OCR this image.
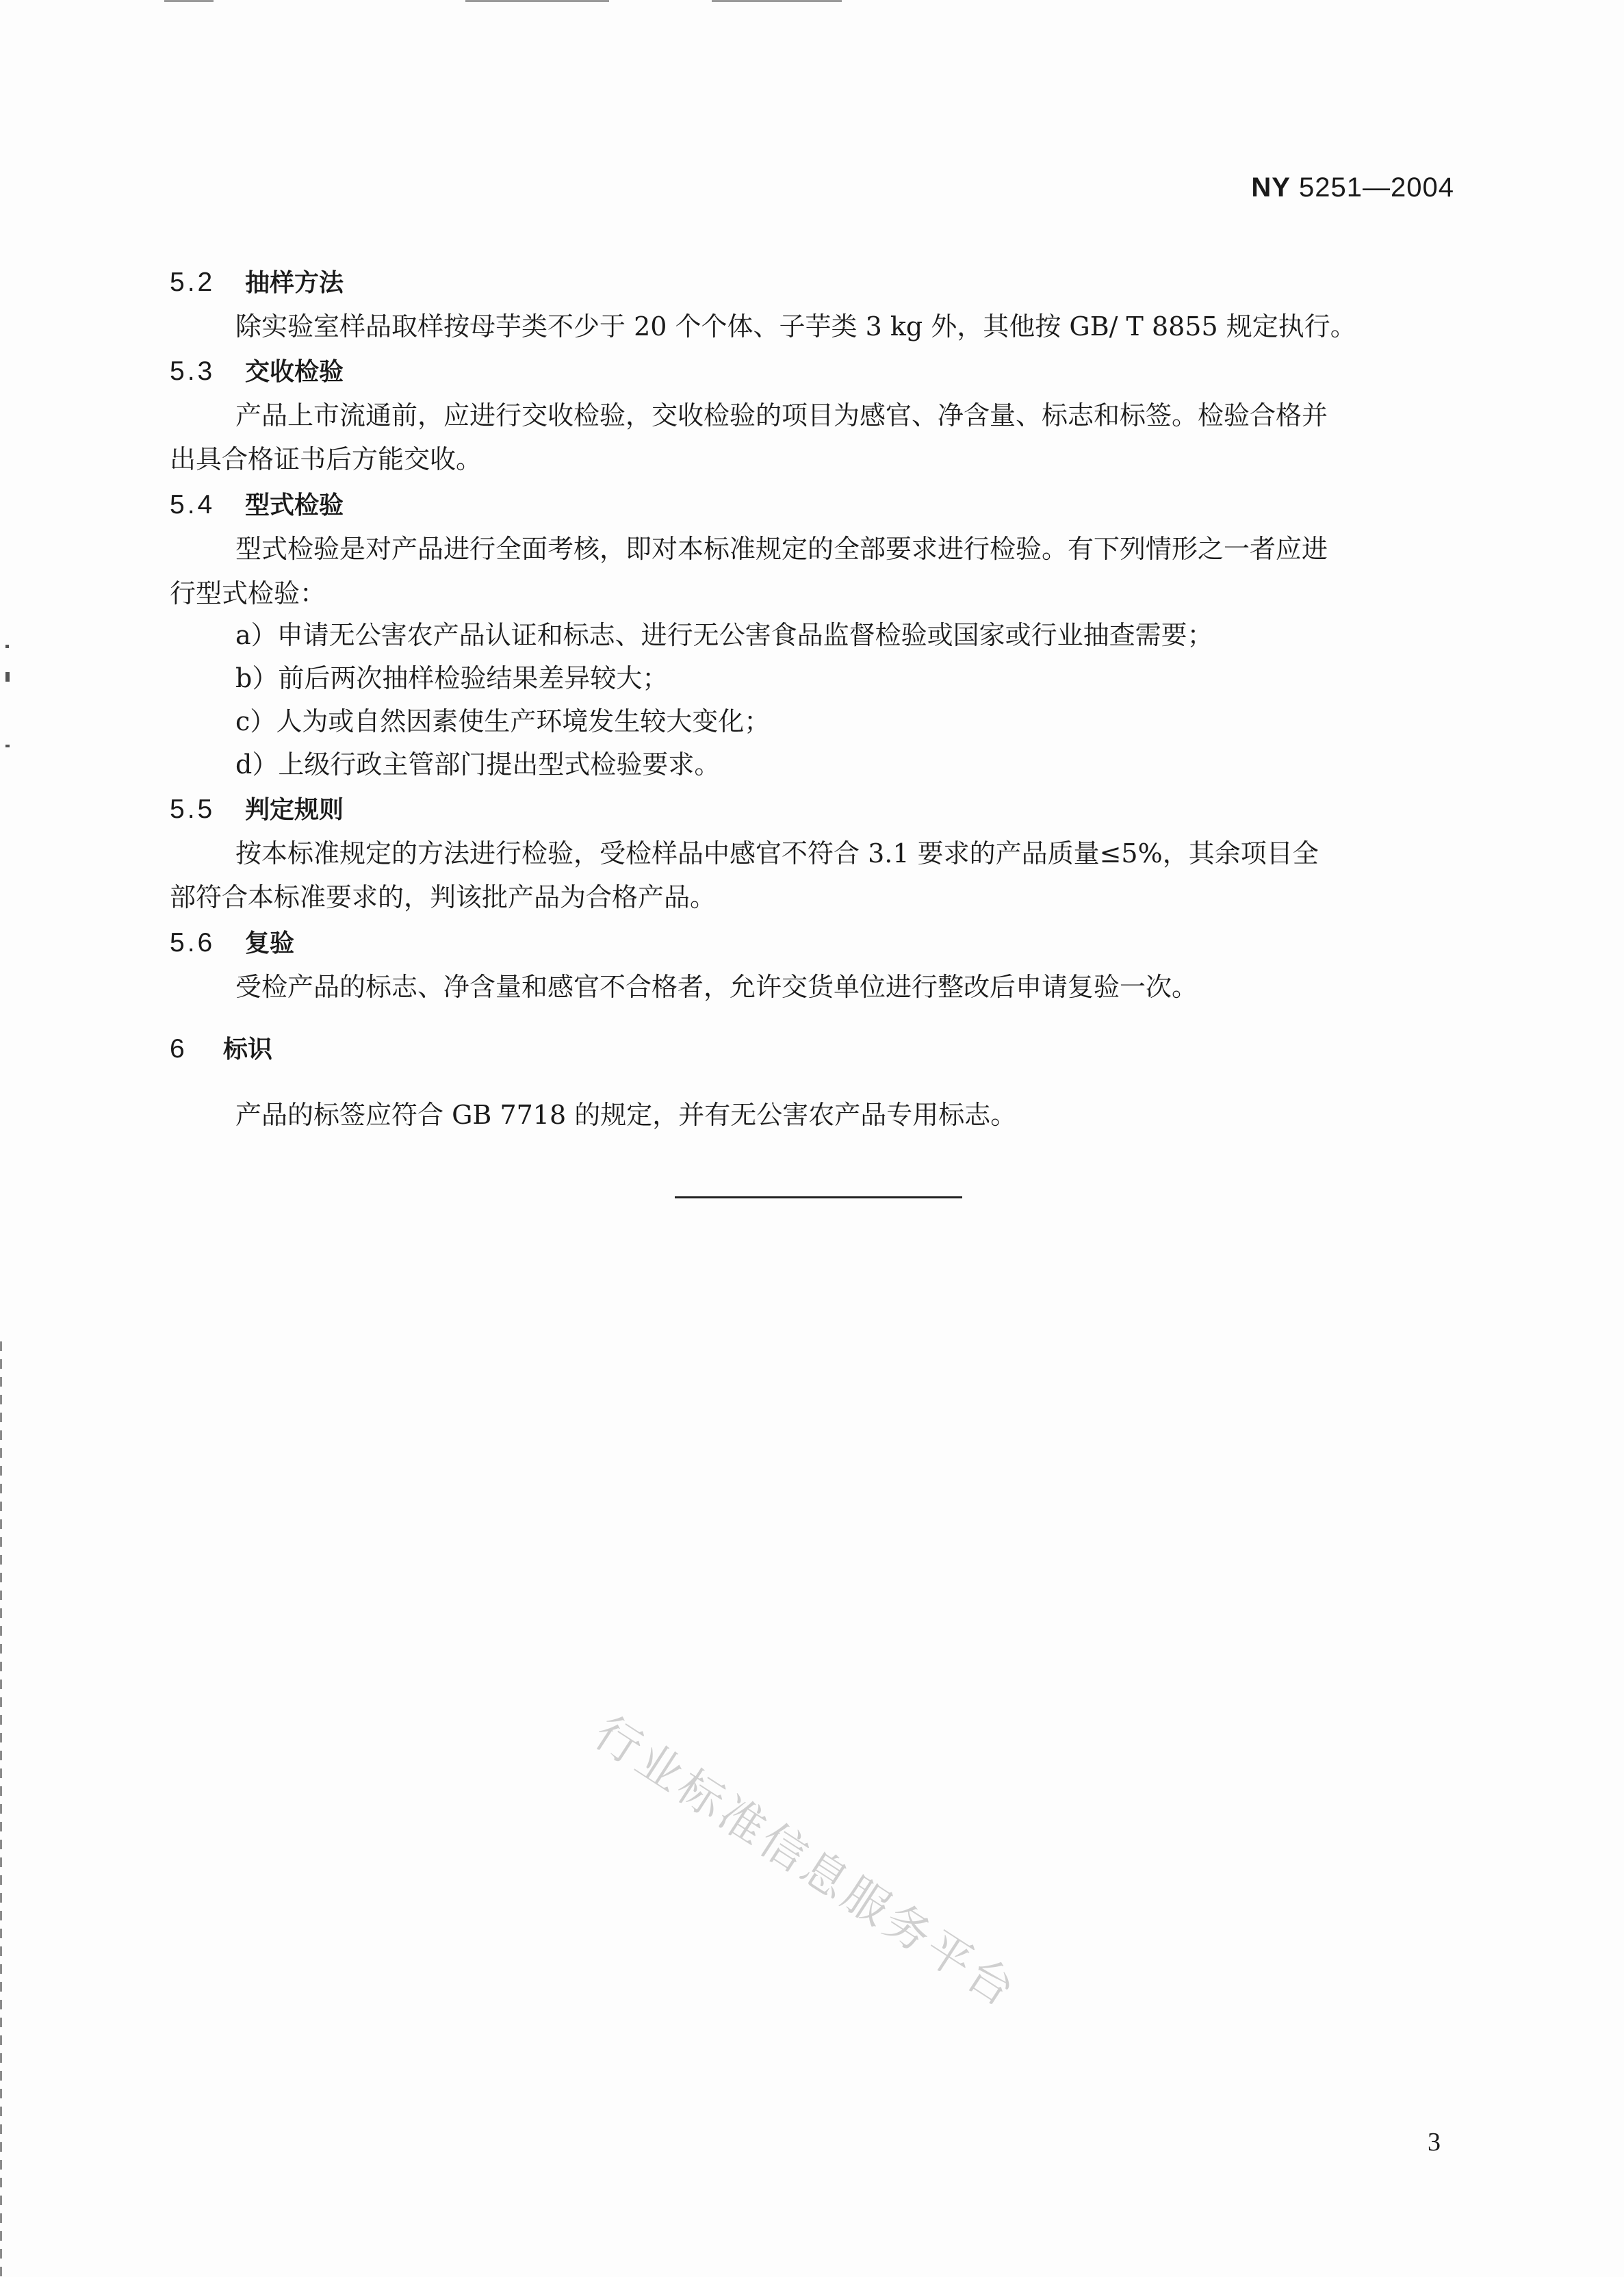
NY 5251—2004
5.2 抽样方法
除实验室样品取样按母芋类不少于 20 个个体、子芋类 3 kg 外，其他按 GB/ T 8855 规定执行。
5.3 交收检验
产品上市流通前，应进行交收检验，交收检验的项目为感官、净含量、标志和标签。检验合格并
出具合格证书后方能交收。
5.4 型式检验
型式检验是对产品进行全面考核，即对本标准规定的全部要求进行检验。有下列情形之一者应进
行型式检验：
a）申请无公害农产品认证和标志、进行无公害食品监督检验或国家或行业抽查需要；
b）前后两次抽样检验结果差异较大；
c）人为或自然因素使生产环境发生较大变化；
d）上级行政主管部门提出型式检验要求。
5.5 判定规则
按本标准规定的方法进行检验，受检样品中感官不符合 3.1 要求的产品质量≤5%，其余项目全
部符合本标准要求的，判该批产品为合格产品。
5.6 复验
受检产品的标志、净含量和感官不合格者，允许交货单位进行整改后申请复验一次。
6 标识
产品的标签应符合 GB 7718 的规定，并有无公害农产品专用标志。
行业标准信息服务平台
3
